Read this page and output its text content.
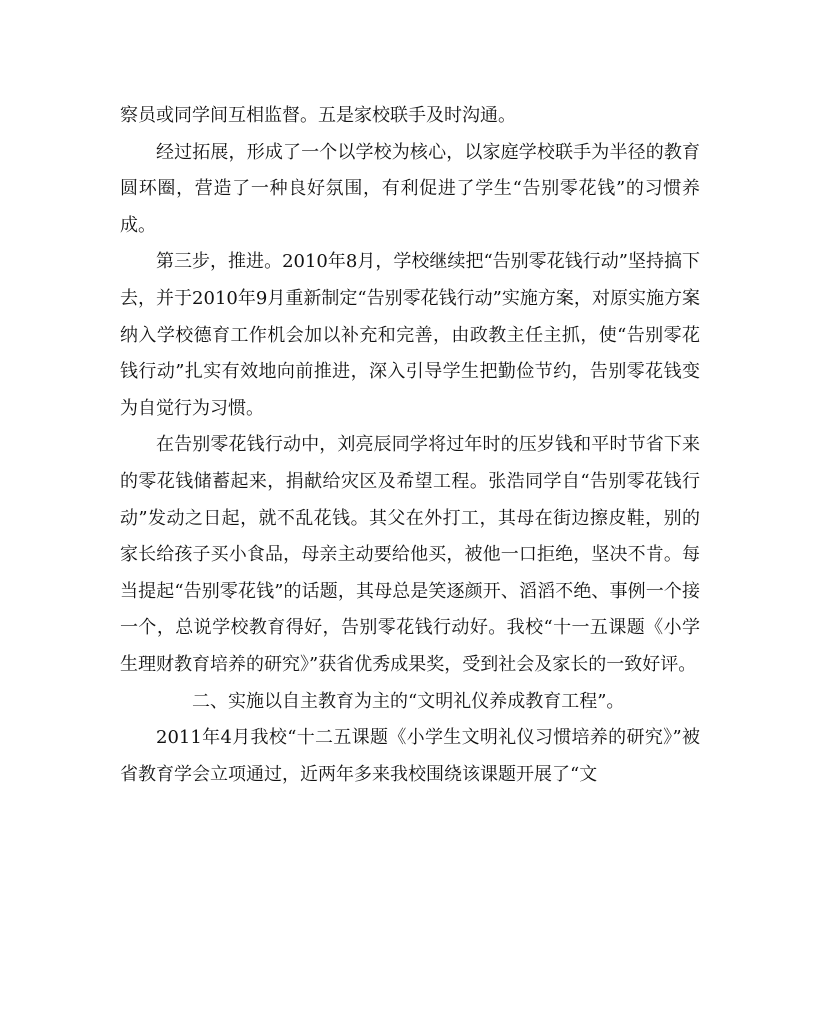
察员或同学间互相监督。五是家校联手及时沟通。

经过拓展，形成了一个以学校为核心，以家庭学校联手为半径的教育圆环圈，营造了一种良好氛围，有利促进了学生“告别零花钱”的习惯养成。

第三步，推进。2010年8月，学校继续把“告别零花钱行动”坚持搞下去，并于2010年9月重新制定“告别零花钱行动”实施方案，对原实施方案纳入学校德育工作机会加以补充和完善，由政教主任主抓，使“告别零花钱行动”扎实有效地向前推进，深入引导学生把勤俭节约，告别零花钱变为自觉行为习惯。

在告别零花钱行动中，刘亮辰同学将过年时的压岁钱和平时节省下来的零花钱储蓄起来，捐献给灾区及希望工程。张浩同学自“告别零花钱行动”发动之日起，就不乱花钱。其父在外打工，其母在街边擦皮鞋，别的家长给孩子买小食品，母亲主动要给他买，被他一口拒绝，坚决不肯。每当提起“告别零花钱”的话题，其母总是笑逐颜开、滔滔不绝、事例一个接一个，总说学校教育得好，告别零花钱行动好。我校“十一五课题《小学生理财教育培养的研究》”获省优秀成果奖，受到社会及家长的一致好评。

二、实施以自主教育为主的“文明礼仪养成教育工程”。

2011年4月我校“十二五课题《小学生文明礼仪习惯培养的研究》”被省教育学会立项通过，近两年多来我校围绕该课题开展了“文
